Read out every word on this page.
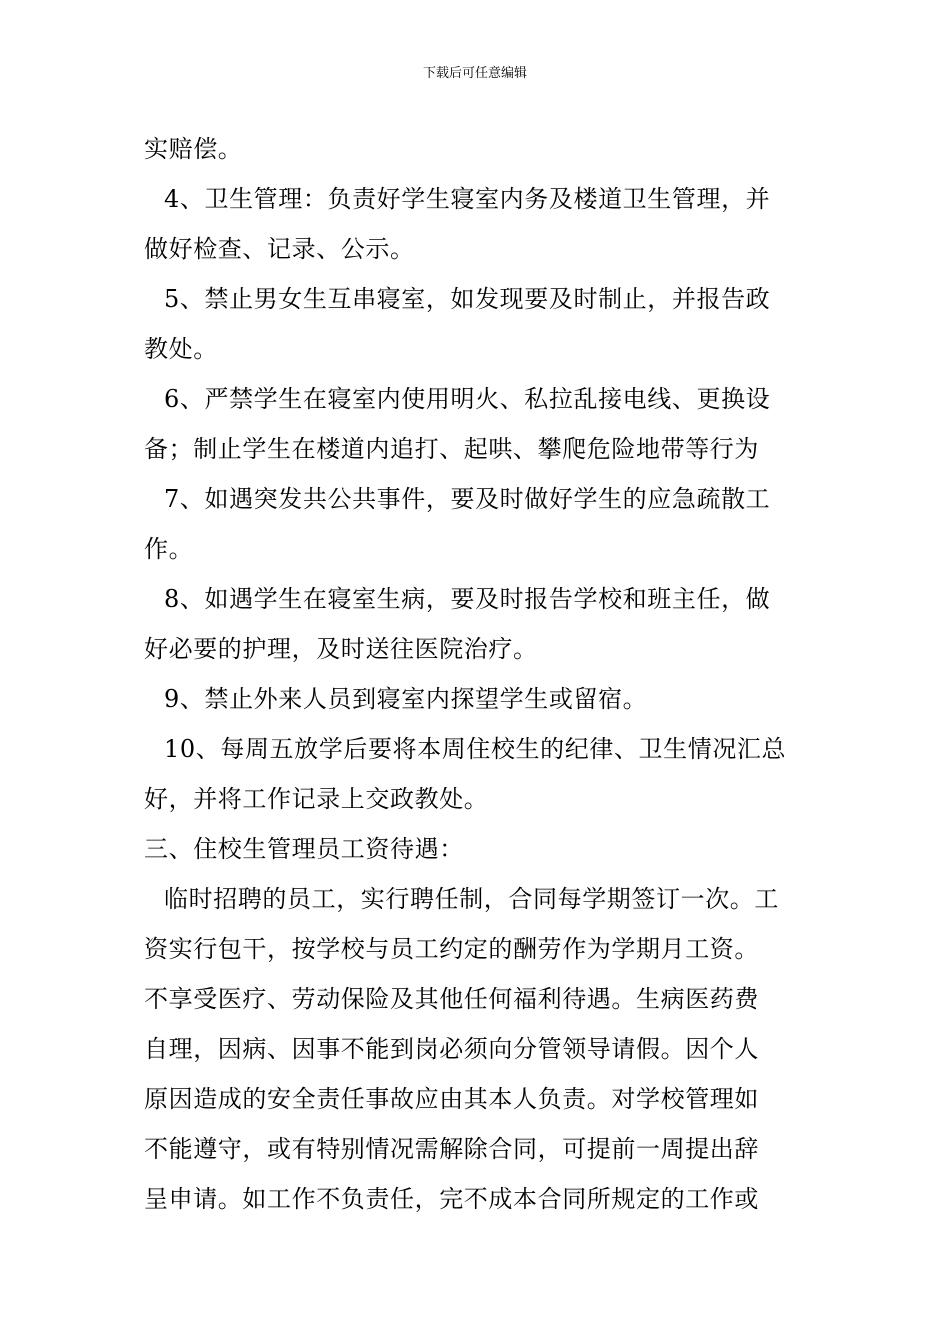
下载后可任意编辑
实赔偿。
4、卫生管理：负责好学生寝室内务及楼道卫生管理，并
做好检查、记录、公示。
5、禁止男女生互串寝室，如发现要及时制止，并报告政
教处。
6、严禁学生在寝室内使用明火、私拉乱接电线、更换设
备；制止学生在楼道内追打、起哄、攀爬危险地带等行为
7、如遇突发共公共事件，要及时做好学生的应急疏散工
作。
8、如遇学生在寝室生病，要及时报告学校和班主任，做
好必要的护理，及时送往医院治疗。
9、禁止外来人员到寝室内探望学生或留宿。
10、每周五放学后要将本周住校生的纪律、卫生情况汇总
好，并将工作记录上交政教处。
三、住校生管理员工资待遇：
临时招聘的员工，实行聘任制，合同每学期签订一次。工
资实行包干，按学校与员工约定的酬劳作为学期月工资。
不享受医疗、劳动保险及其他任何福利待遇。生病医药费
自理，因病、因事不能到岗必须向分管领导请假。因个人
原因造成的安全责任事故应由其本人负责。对学校管理如
不能遵守，或有特别情况需解除合同，可提前一周提出辞
呈申请。如工作不负责任，完不成本合同所规定的工作或
